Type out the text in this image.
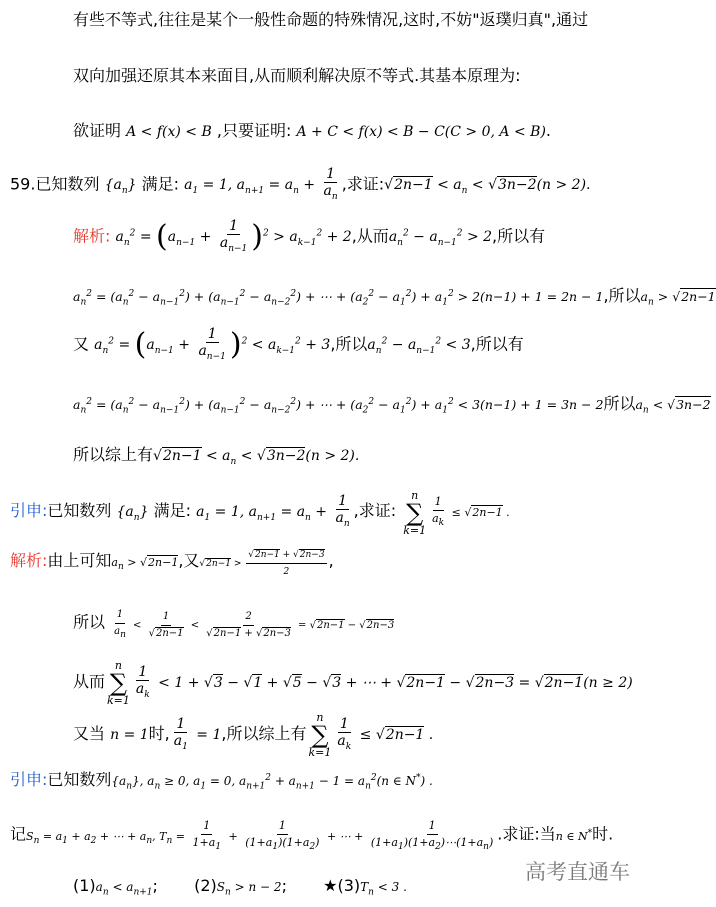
有些不等式,往往是某个一般性命题的特殊情况,这时,不妨"返璞归真",通过
双向加强还原其本来面目,从而顺利解决原不等式.其基本原理为:
欲证明 A < f(x) < B ,只要证明: A + C < f(x) < B − C(C > 0, A < B).
59.已知数列 $\{a_n\}$ 满足: $a_1 = 1$, $a_{n+1} = a_n + \frac{1}{a_n}$ ,求证:√2n−1 < $a_n < √3n-2(n > 2)$.
解析: $a_n^2 = (a_{n-1} + \frac{1}{a_{n-1}} )^2 > a_{k-1}^2 + 2$,从而$a_n^2 - a_{n-1}^2 > 2$,所以有
$a_n^2 = (a_n^2 - a_{n-1}^2) + (a_{n-1}^2 - a_{n-2}^2)$ + ⋯ + $(a_2^2 - a_1^2) + a_1^2 > 2(n-1) + 1 = 2n - 1$,所以$a_n > √2n-1$
又 $a_n^2 = (a_{n-1} + \frac{1}{a_{n-1}} )^2 < a_{k-1}^2 + 3$,所以$a_n^2 - a_{n-1}^2 < 3$,所以有
$a_n^2 = (a_n^2 - a_{n-1}^2) + (a_{n-1}^2 - a_{n-2}^2)$ + ⋯ + $(a_2^2 - a_1^2) + a_1^2 < 3(n-1) + 1 = 3n - 2$所以$a_n < √3n-2$
所以综上有$√2n-1 < a_n < √3n-2(n > 2)$.
引申:已知数列 $\{a_n\}$ 满足: $a_1 = 1$, $a_{n+1} = a_n + \frac{1}{a_n}$ ,求证:
n
∑
$k=1 \frac{1}{a_k} \le √2n-1$ .
解析:由上可知$a_n > √2n-1$,又$√2n-1 > \frac{√2n-1 + √2n-3}{2}$ ,
所以 $\frac{1}{a_n} < \frac{1}{√2n-1} < \frac{2}{√2n-1 + √2n-3} = √2n-1 - √2n-3$
从而
n
∑
$k=1 \frac{1}{a_k} < 1 + √3 - √1 + √5 - √3$ + ⋯ + √2n−1 − √2n−3 = √2n−1(n ≥ 2)
又当 n = 1时, $\frac{1}{a_1} = 1$,所以综上有
n
∑
$k=1 \frac{1}{a_k} \le √2n-1$ .
引申:已知数列$\{a_n\}$, $a_n \ge 0$, $a_1 = 0$, $a_{n+1}^2 + a_{n+1} - 1 = a_n^2(n$ ∈ N*) .
记$S_n = a_1 + a_2$ + ⋯ + $a_n$, $T_n = \frac{1}{1+a_1} + \frac{1}{(1+a_1)(1+a_2)}$ + ⋯ + $\frac{1}{(1+a_1)(1+a_2)\cdots(1+a_n)}$ .求证:当n ∈ N*时.
$(1)a_n < a_{n+1}$; $(2)S_n > n - 2$; $★(3)T_n < 3$ .
高考直通车
